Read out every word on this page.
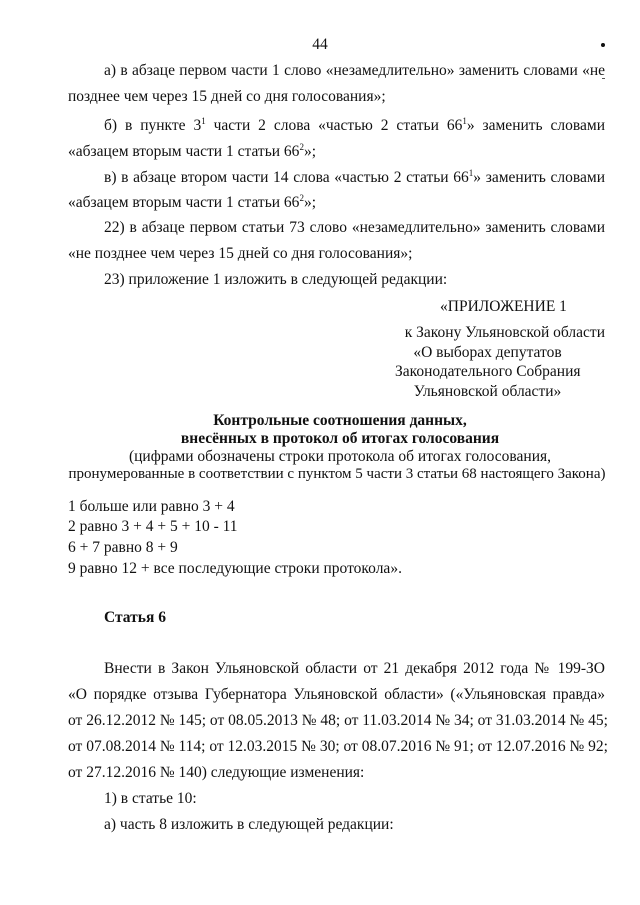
44
а) в абзаце первом части 1 слово «незамедлительно» заменить словами «не
позднее чем через 15 дней со дня голосования»;
б) в пункте $3^1$ части 2 слова «частью 2 статьи $66^1$» заменить словами
«абзацем вторым части 1 статьи $66^2$»;
в) в абзаце втором части 14 слова «частью 2 статьи $66^1$» заменить словами
«абзацем вторым части 1 статьи $66^2$»;
22) в абзаце первом статьи 73 слово «незамедлительно» заменить словами
«не позднее чем через 15 дней со дня голосования»;
23) приложение 1 изложить в следующей редакции:
«ПРИЛОЖЕНИЕ 1
к Закону Ульяновской области
«О выборах депутатов
Законодательного Собрания
Ульяновской области»
Контрольные соотношения данных,
внесённых в протокол об итогах голосования
(цифрами обозначены строки протокола об итогах голосования,
пронумерованные в соответствии с пунктом 5 части 3 статьи 68 настоящего Закона)
1 больше или равно 3 + 4
2 равно 3 + 4 + 5 + 10 - 11
6 + 7 равно 8 + 9
9 равно 12 + все последующие строки протокола».
Статья 6
Внести в Закон Ульяновской области от 21 декабря 2012 года № 199-ЗО
«О порядке отзыва Губернатора Ульяновской области» («Ульяновская правда»
от 26.12.2012 № 145; от 08.05.2013 № 48; от 11.03.2014 № 34; от 31.03.2014 № 45;
от 07.08.2014 № 114; от 12.03.2015 № 30; от 08.07.2016 № 91; от 12.07.2016 № 92;
от 27.12.2016 № 140) следующие изменения:
1) в статье 10:
а) часть 8 изложить в следующей редакции:
